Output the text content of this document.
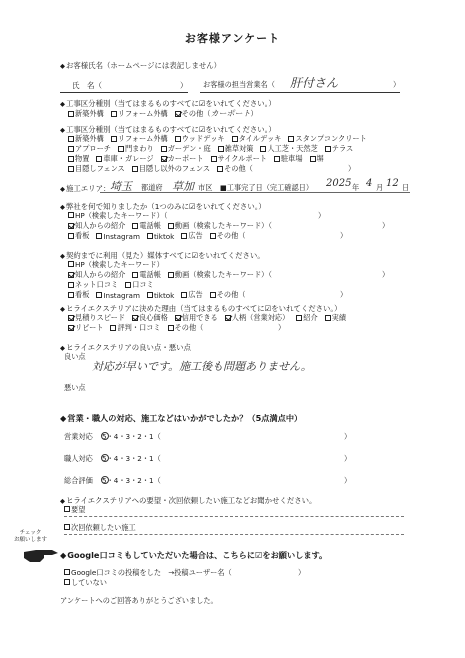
お客様アンケート
◆ お客様氏名（ホームページには表記しません）
氏　名（	） お客様の担当営業名（ 肝付さん	）
◆ 工事区分種別（当てはまるものすべてに☑をいれてください。）
新築外構 リフォーム外構 その他（ カーポート ）
◆ 工事区分種別（当てはまるものすべてに☑をいれてください。）
新築外構 リフォーム外構 ウッドデッキ タイルデッキ スタンプコンクリート
アプローチ 門まわり ガーデン・庭 雑草対策 人工芝・天然芝 テラス
物置 車庫・ガレージ カーポート サイクルポート 駐車場 塀
目隠しフェンス 目隠し以外のフェンス その他（	）
◆ 施工エリア： 埼玉 都道府 草加 市区 ■工事完了日（完工確認日） 2025 年 4 月 12 日
◆ 弊社を何で知りましたか（1つのみに☑をいれてください。）
HP（検索したキーワード）（	）
知人からの紹介 電話帳 動画（検索したキーワード）（	）
看板 Instagram tiktok 広告 その他（	）
◆ 契約までに利用（見た）媒体すべてに☑をいれてください。
HP（検索したキーワード）
知人からの紹介 電話帳 動画（検索したキーワード）（	）
ネット口コミ 口コミ
看板 Instagram tiktok 広告 その他（	）
◆ ヒライエクステリアに決めた理由（当てはまるものすべてに☑をいれてください。）
見積りスピード 良心価格 信用できる 人柄（営業対応） 紹介 実績
リピート 評判・口コミ その他（	）
◆ ヒライエクステリアの良い点・悪い点
良い点
対応が早いです。施工後も問題ありません。
悪い点
◆ 営業・職人の対応、施工などはいかがでしたか？（5点満点中）
営業対応 5・4・3・2・1（	）
職人対応 5・4・3・2・1（	）
総合評価 5・4・3・2・1（	）
◆ ヒライエクステリアへの要望・次回依頼したい施工などお聞かせください。
要望
次回依頼したい施工
チェック
お願いします
◆ Google口コミもしていただいた場合は、こちらに☑をお願いします。
Google口コミの投稿をした　→投稿ユーザー名（	）
していない
アンケートへのご回答ありがとうございました。
